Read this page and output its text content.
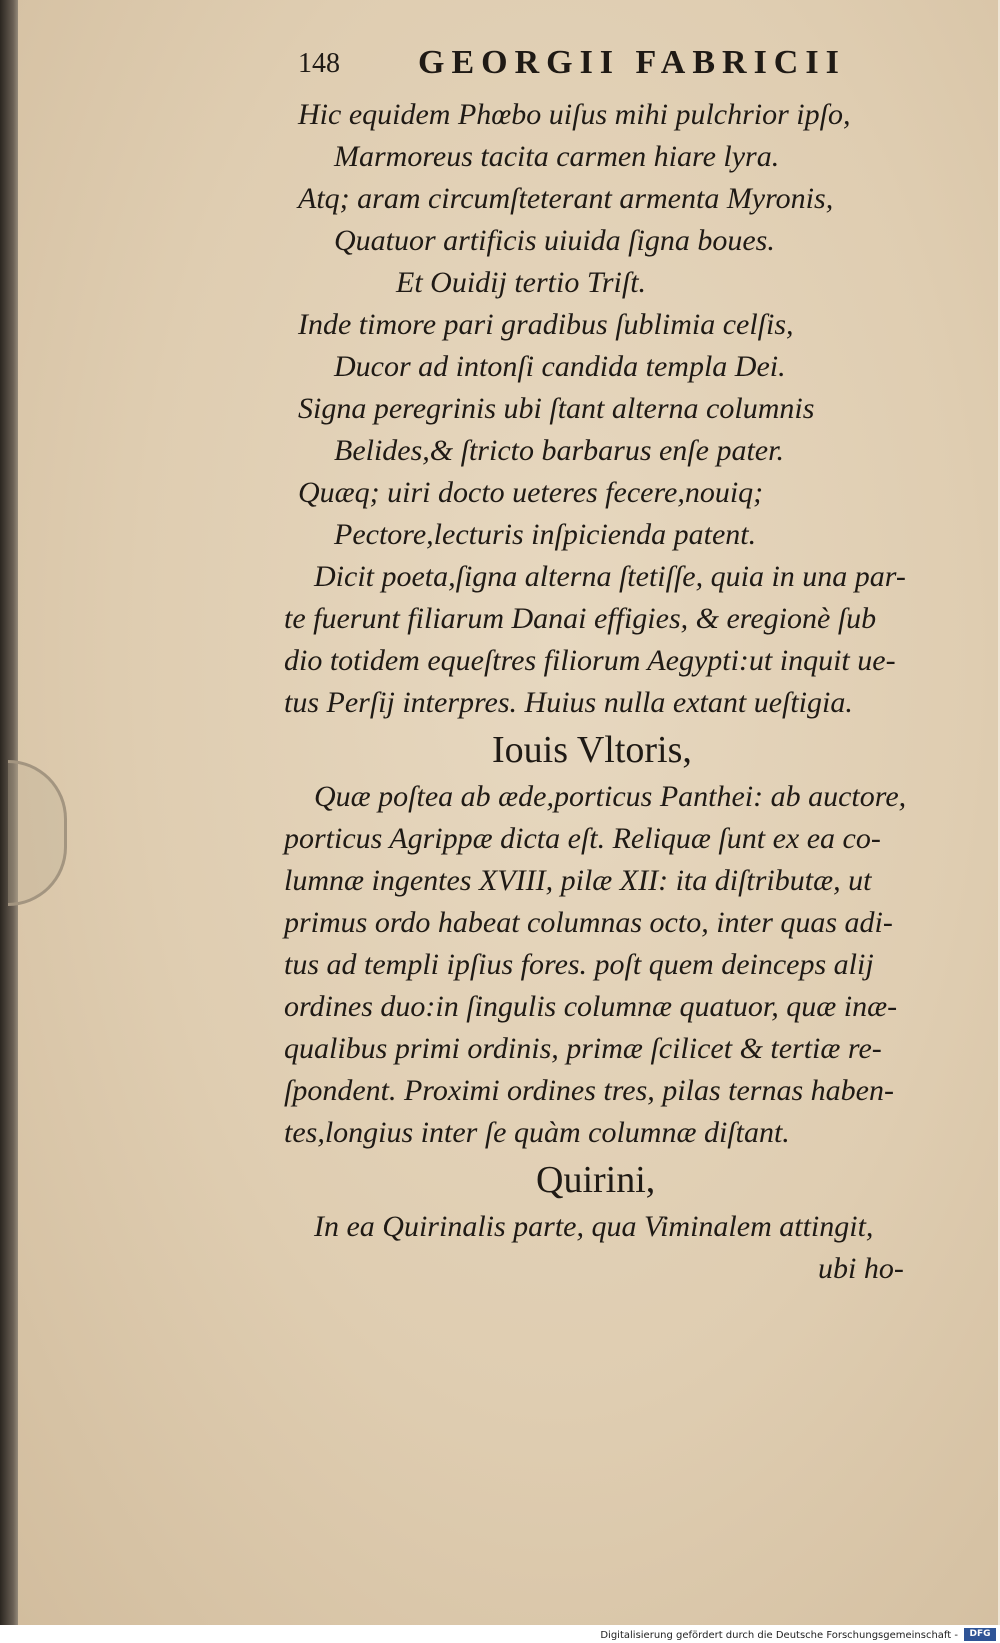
148 GEORGII FABRICII
Hic equidem Phœbo uiſus mihi pulchrior ipſo,
Marmoreus tacita carmen hiare lyra.
Atq; aram circumſteterant armenta Myronis,
Quatuor artificis uiuida ſigna boues.
Et Ouidij tertio Triſt.
Inde timore pari gradibus ſublimia celſis,
Ducor ad intonſi candida templa Dei.
Signa peregrinis ubi ſtant alterna columnis
Belides,& ſtricto barbarus enſe pater.
Quæq; uiri docto ueteres fecere,nouiq;
Pectore,lecturis inſpicienda patent.
Dicit poeta,ſigna alterna ſtetiſſe, quia in una par-
te fuerunt filiarum Danai effigies, & eregionè ſub
dio totidem equeſtres filiorum Aegypti:ut inquit ue-
tus Perſij interpres. Huius nulla extant ueſtigia.
Iouis Vltoris,
Quæ poſtea ab æde,porticus Panthei: ab auctore,
porticus Agrippæ dicta eſt. Reliquæ ſunt ex ea co-
lumnæ ingentes XVIII, pilæ XII: ita diſtributæ, ut
primus ordo habeat columnas octo, inter quas adi-
tus ad templi ipſius fores. poſt quem deinceps alij
ordines duo:in ſingulis columnæ quatuor, quæ inæ-
qualibus primi ordinis, primæ ſcilicet & tertiæ re-
ſpondent. Proximi ordines tres, pilas ternas haben-
tes,longius inter ſe quàm columnæ diſtant.
Quirini,
In ea Quirinalis parte, qua Viminalem attingit,
ubi ho-
Digitalisierung gefördert durch die Deutsche Forschungsgemeinschaft -	DFG
